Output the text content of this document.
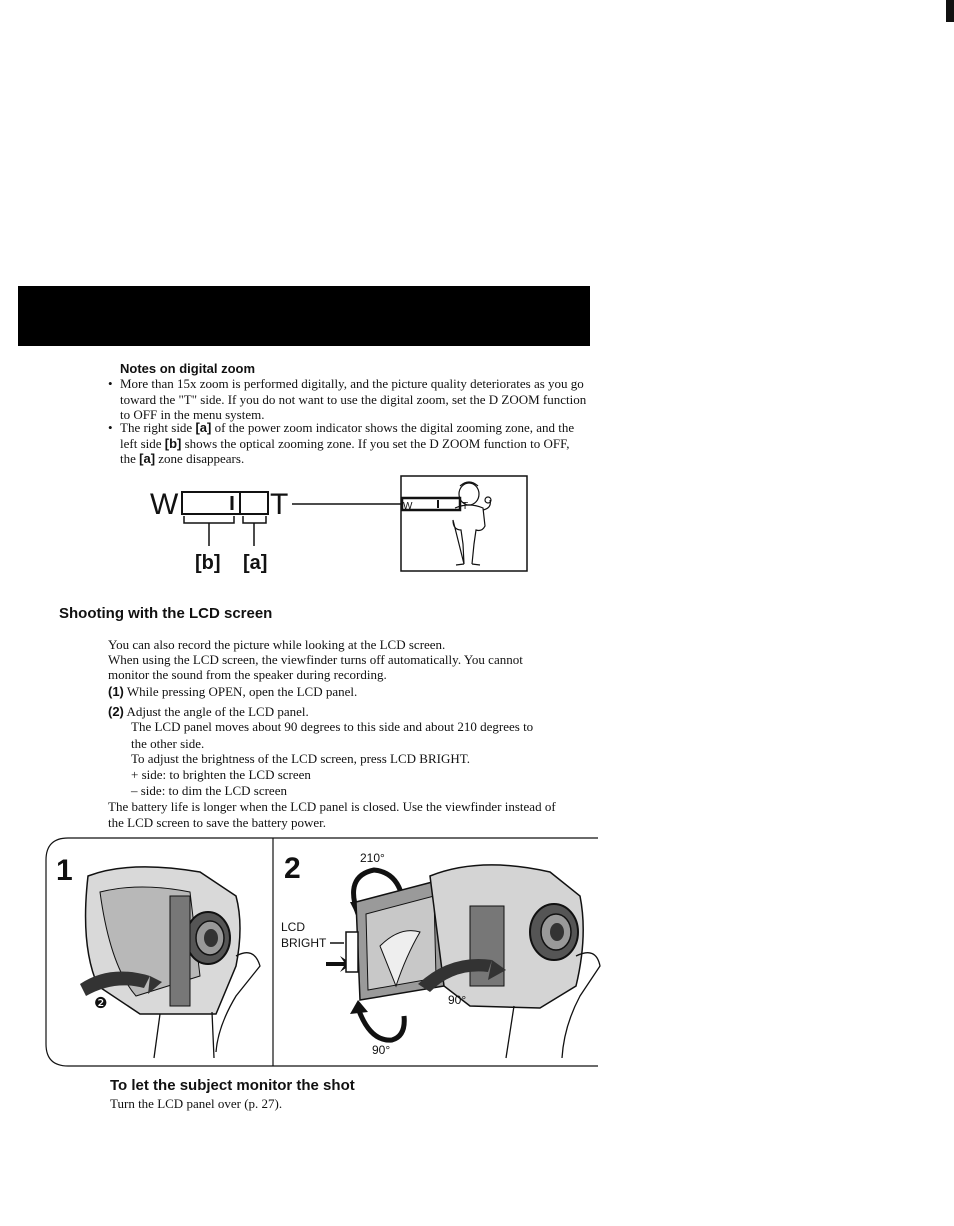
Notes on digital zoom
• More than 15x zoom is performed digitally, and the picture quality deteriorates as you go toward the "T" side. If you do not want to use the digital zoom, set the D ZOOM function to OFF in the menu system.
• The right side [a] of the power zoom indicator shows the digital zooming zone, and the left side [b] shows the optical zooming zone. If you set the D ZOOM function to OFF, the [a] zone disappears.
W	T
[b] [a]
W	T
Shooting with the LCD screen
You can also record the picture while looking at the LCD screen.
When using the LCD screen, the viewfinder turns off automatically. You cannot
monitor the sound from the speaker during recording.
(1) While pressing OPEN, open the LCD panel.
(2) Adjust the angle of the LCD panel.
The LCD panel moves about 90 degrees to this side and about 210 degrees to
the other side.
To adjust the brightness of the LCD screen, press LCD BRIGHT.
+ side: to brighten the LCD screen
– side: to dim the LCD screen
The battery life is longer when the LCD panel is closed. Use the viewfinder instead of
the LCD screen to save the battery power.
1
❷
2	210°
LCD
BRIGHT
90°
90°
To let the subject monitor the shot
Turn the LCD panel over (p. 27).
